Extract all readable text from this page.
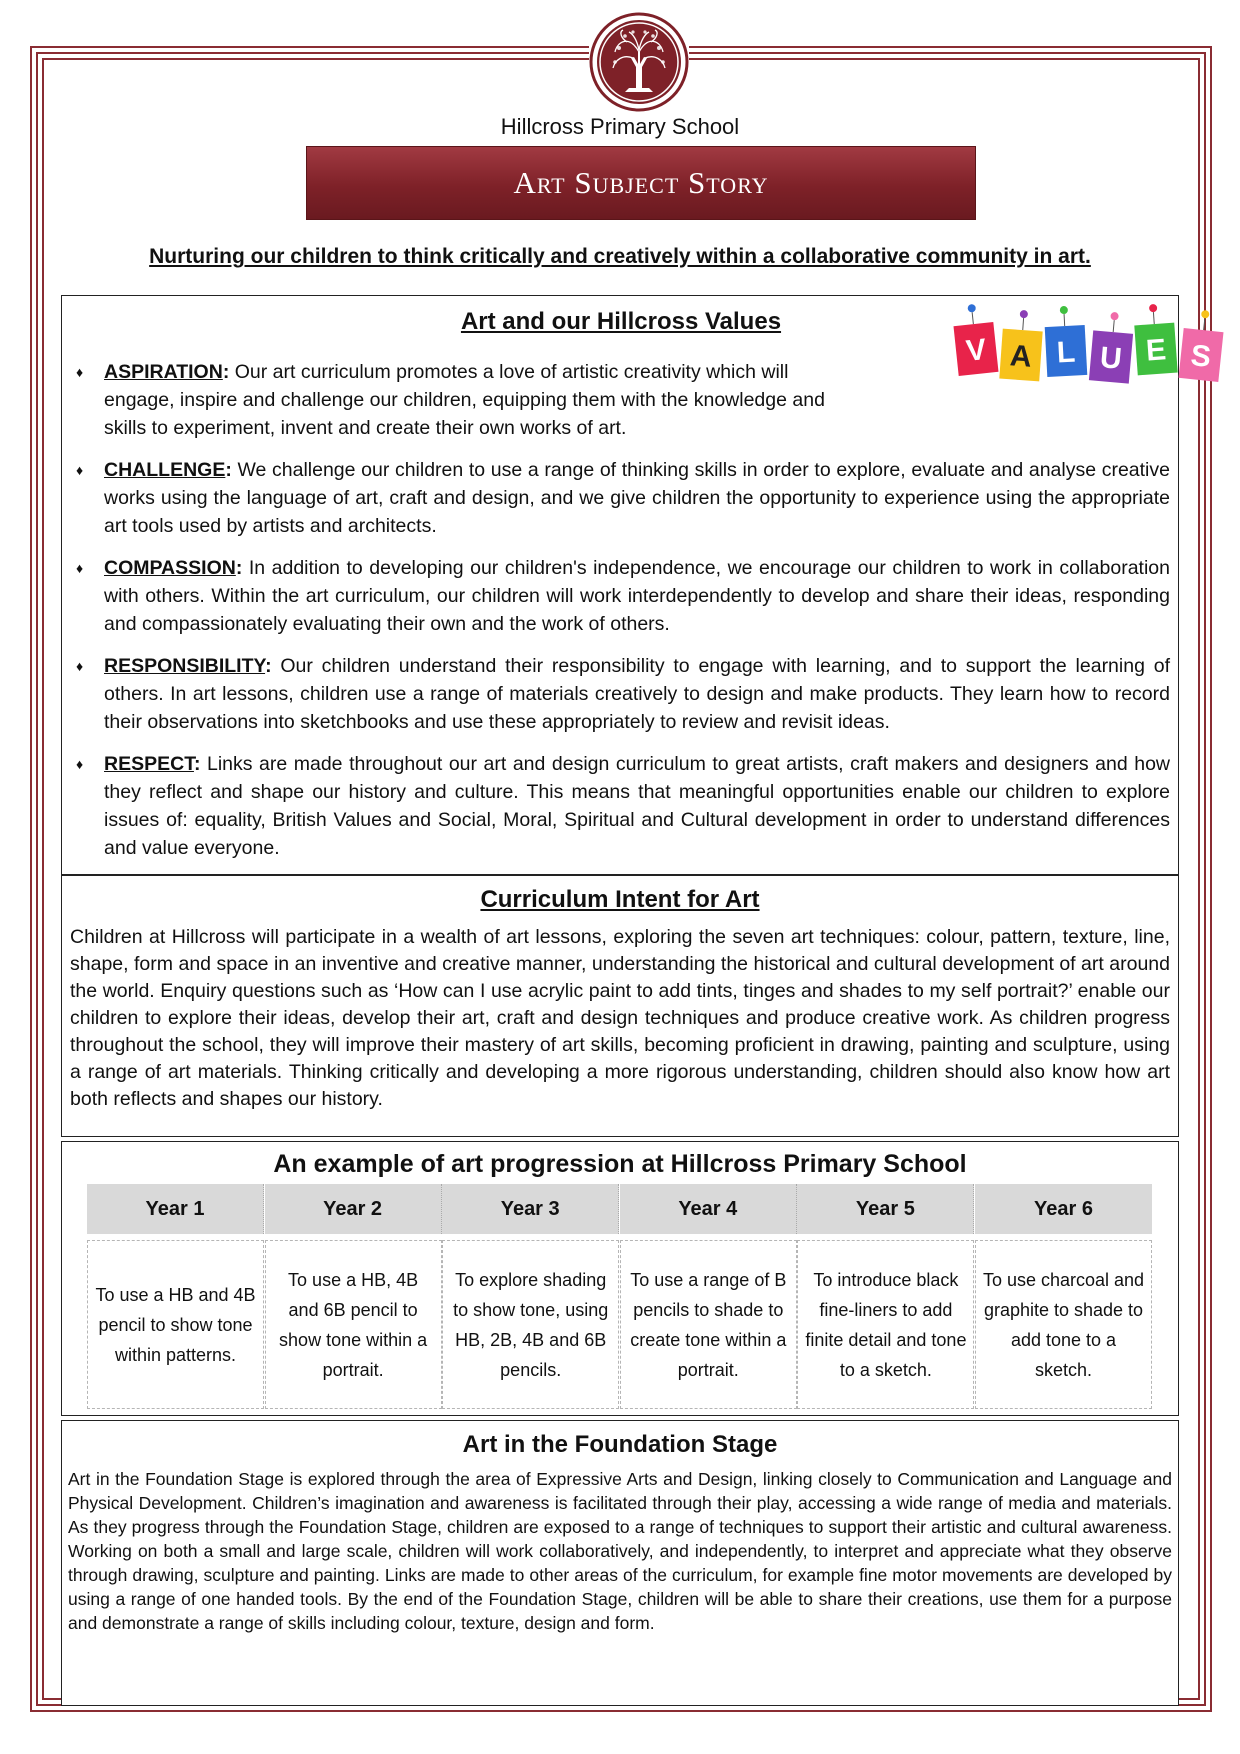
Hillcross Primary School
Art Subject Story
Nurturing our children to think critically and creatively within a collaborative community in art.
Art and our Hillcross Values
V A L U E S
♦ ASPIRATION: Our art curriculum promotes a love of artistic creativity which will engage, inspire and challenge our children, equipping them with the knowledge and skills to experiment, invent and create their own works of art.
♦ CHALLENGE: We challenge our children to use a range of thinking skills in order to explore, evaluate and analyse creative works using the language of art, craft and design, and we give children the opportunity to experience using the appropriate art tools used by artists and architects.
♦ COMPASSION: In addition to developing our children's independence, we encourage our children to work in collaboration with others. Within the art curriculum, our children will work interdependently to develop and share their ideas, responding and compassionately evaluating their own and the work of others.
♦ RESPONSIBILITY: Our children understand their responsibility to engage with learning, and to support the learning of others. In art lessons, children use a range of materials creatively to design and make products. They learn how to record their observations into sketchbooks and use these appropriately to review and revisit ideas.
♦ RESPECT: Links are made throughout our art and design curriculum to great artists, craft makers and designers and how they reflect and shape our history and culture. This means that meaningful opportunities enable our children to explore issues of: equality, British Values and Social, Moral, Spiritual and Cultural development in order to understand differences and value everyone.
Curriculum Intent for Art
Children at Hillcross will participate in a wealth of art lessons, exploring the seven art techniques: colour, pattern, texture, line, shape, form and space in an inventive and creative manner, understanding the historical and cultural development of art around the world. Enquiry questions such as ‘How can I use acrylic paint to add tints, tinges and shades to my self portrait?’ enable our children to explore their ideas, develop their art, craft and design techniques and produce creative work. As children progress throughout the school, they will improve their mastery of art skills, becoming proficient in drawing, painting and sculpture, using a range of art materials. Thinking critically and developing a more rigorous understanding, children should also know how art both reflects and shapes our history.
An example of art progression at Hillcross Primary School
Year 1
To use a HB and 4B pencil to show tone within patterns.
Year 2
To use a HB, 4B and 6B pencil to show tone within a portrait.
Year 3
To explore shading to show tone, using HB, 2B, 4B and 6B pencils.
Year 4
To use a range of B pencils to shade to create tone within a portrait.
Year 5
To introduce black fine-liners to add finite detail and tone to a sketch.
Year 6
To use charcoal and graphite to shade to add tone to a sketch.
Art in the Foundation Stage
Art in the Foundation Stage is explored through the area of Expressive Arts and Design, linking closely to Communication and Language and Physical Development. Children’s imagination and awareness is facilitated through their play, accessing a wide range of media and materials. As they progress through the Foundation Stage, children are exposed to a range of techniques to support their artistic and cultural awareness. Working on both a small and large scale, children will work collaboratively, and independently, to interpret and appreciate what they observe through drawing, sculpture and painting. Links are made to other areas of the curriculum, for example fine motor movements are developed by using a range of one handed tools. By the end of the Foundation Stage, children will be able to share their creations, use them for a purpose and demonstrate a range of skills including colour, texture, design and form.
